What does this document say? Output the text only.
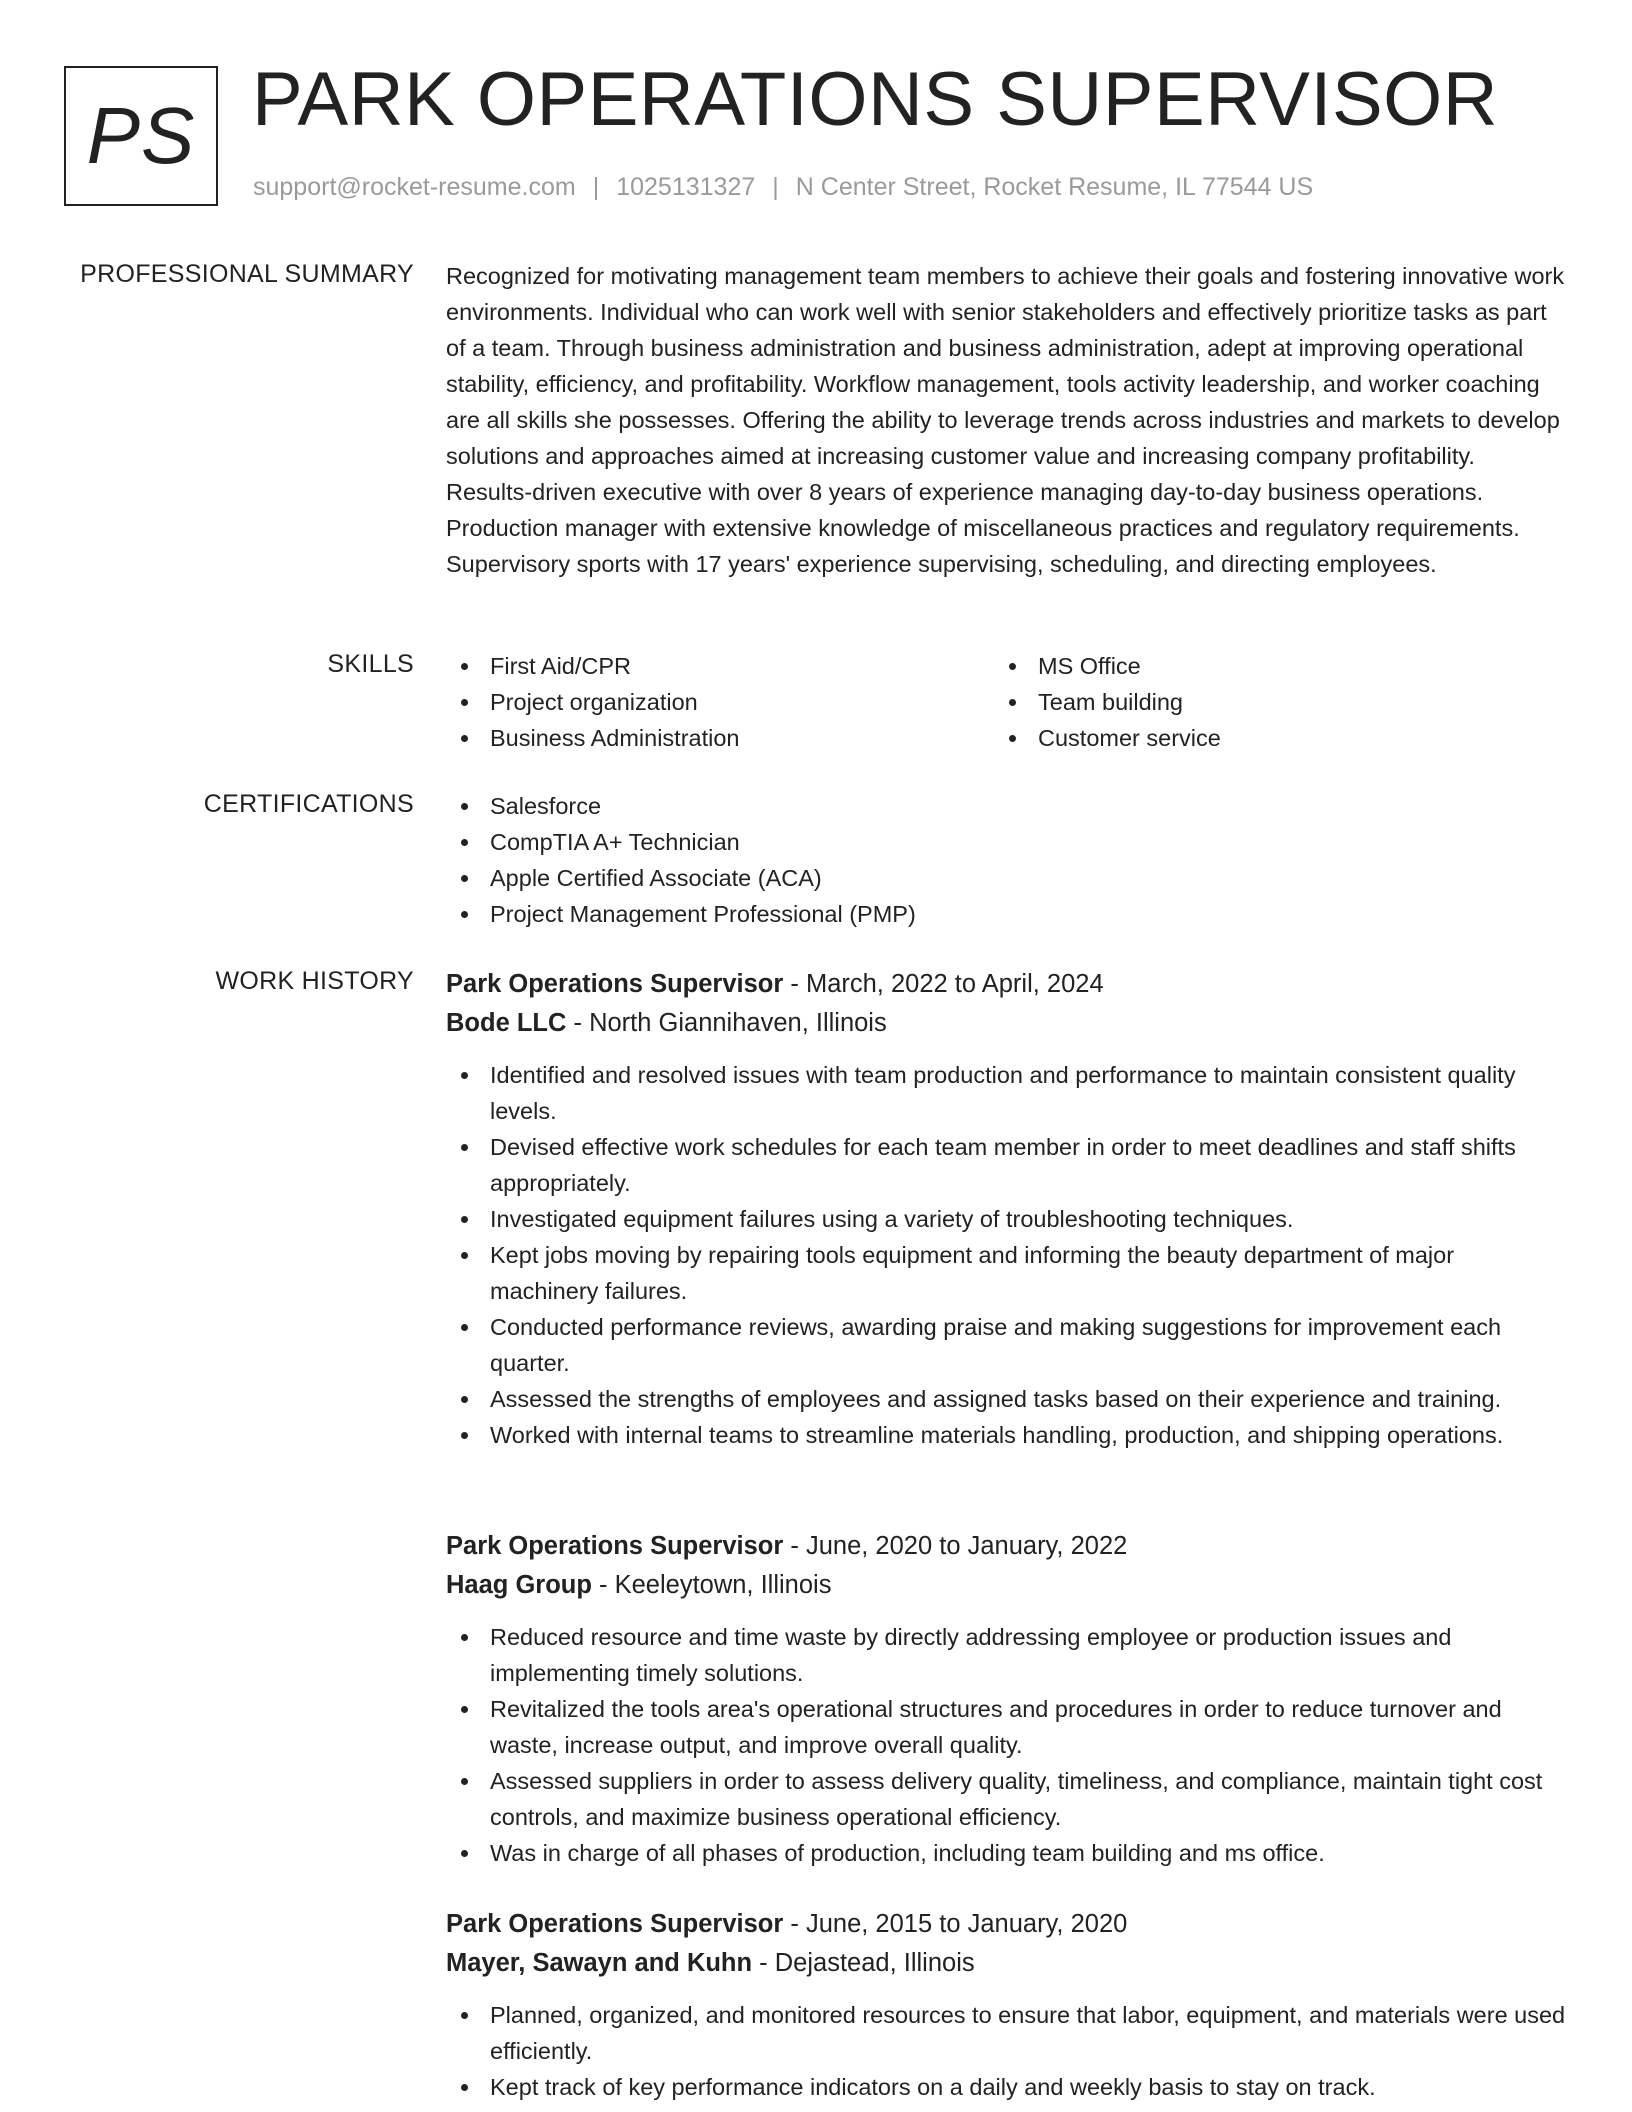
PS PARK OPERATIONS SUPERVISOR
support@rocket-resume.com | 1025131327 | N Center Street, Rocket Resume, IL 77544 US
PROFESSIONAL SUMMARY Recognized for motivating management team members to achieve their goals and fostering innovative work environments. Individual who can work well with senior stakeholders and effectively prioritize tasks as part of a team. Through business administration and business administration, adept at improving operational stability, efficiency, and profitability. Workflow management, tools activity leadership, and worker coaching are all skills she possesses. Offering the ability to leverage trends across industries and markets to develop solutions and approaches aimed at increasing customer value and increasing company profitability. Results-driven executive with over 8 years of experience managing day-to-day business operations. Production manager with extensive knowledge of miscellaneous practices and regulatory requirements. Supervisory sports with 17 years' experience supervising, scheduling, and directing employees.

SKILLS	First Aid/CPR
Project organization
Business Administration
MS Office
Team building
Customer service
CERTIFICATIONS	Salesforce
CompTIA A+ Technician
Apple Certified Associate (ACA)
Project Management Professional (PMP)
WORK HISTORY Park Operations Supervisor - March, 2022 to April, 2024
Bode LLC - North Giannihaven, Illinois
Identified and resolved issues with team production and performance to maintain consistent quality levels.
Devised effective work schedules for each team member in order to meet deadlines and staff shifts appropriately.
Investigated equipment failures using a variety of troubleshooting techniques.
Kept jobs moving by repairing tools equipment and informing the beauty department of major machinery failures.
Conducted performance reviews, awarding praise and making suggestions for improvement each quarter.
Assessed the strengths of employees and assigned tasks based on their experience and training.
Worked with internal teams to streamline materials handling, production, and shipping operations.
Park Operations Supervisor - June, 2020 to January, 2022
Haag Group - Keeleytown, Illinois
Reduced resource and time waste by directly addressing employee or production issues and implementing timely solutions.
Revitalized the tools area's operational structures and procedures in order to reduce turnover and waste, increase output, and improve overall quality.
Assessed suppliers in order to assess delivery quality, timeliness, and compliance, maintain tight cost controls, and maximize business operational efficiency.
Was in charge of all phases of production, including team building and ms office.
Park Operations Supervisor - June, 2015 to January, 2020
Mayer, Sawayn and Kuhn - Dejastead, Illinois
Planned, organized, and monitored resources to ensure that labor, equipment, and materials were used efficiently.
Kept track of key performance indicators on a daily and weekly basis to stay on track.
